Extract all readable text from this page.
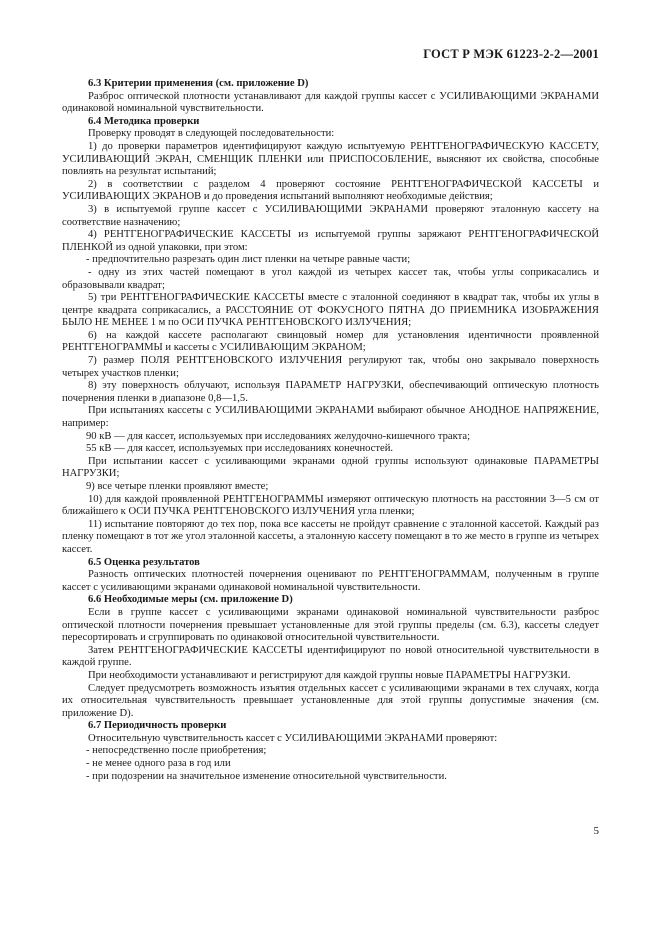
ГОСТ Р МЭК 61223-2-2—2001

6.3 Критерии применения (см. приложение D)

Разброс оптической плотности устанавливают для каждой группы кассет с УСИЛИВАЮЩИМИ ЭКРАНАМИ одинаковой номинальной чувствительности.

6.4 Методика проверки

Проверку проводят в следующей последовательности:

1) до проверки параметров идентифицируют каждую испытуемую РЕНТГЕНОГРАФИЧЕСКУЮ КАССЕТУ, УСИЛИВАЮЩИЙ ЭКРАН, СМЕНЩИК ПЛЕНКИ или ПРИСПОСОБЛЕНИЕ, выясняют их свойства, способные повлиять на результат испытаний;

2) в соответствии с разделом 4 проверяют состояние РЕНТГЕНОГРАФИЧЕСКОЙ КАССЕТЫ и УСИЛИВАЮЩИХ ЭКРАНОВ и до проведения испытаний выполняют необходимые действия;

3) в испытуемой группе кассет с УСИЛИВАЮЩИМИ ЭКРАНАМИ проверяют эталонную кассету на соответствие назначению;

4) РЕНТГЕНОГРАФИЧЕСКИЕ КАССЕТЫ из испытуемой группы заряжают РЕНТГЕНОГРАФИЧЕСКОЙ ПЛЕНКОЙ из одной упаковки, при этом:

- предпочтительно разрезать один лист пленки на четыре равные части;

- одну из этих частей помещают в угол каждой из четырех кассет так, чтобы углы соприкасались и образовывали квадрат;

5) три РЕНТГЕНОГРАФИЧЕСКИЕ КАССЕТЫ вместе с эталонной соединяют в квадрат так, чтобы их углы в центре квадрата соприкасались, а РАССТОЯНИЕ ОТ ФОКУСНОГО ПЯТНА ДО ПРИЕМНИКА ИЗОБРАЖЕНИЯ БЫЛО НЕ МЕНЕЕ 1 м по ОСИ ПУЧКА РЕНТГЕНОВСКОГО ИЗЛУЧЕНИЯ;

6) на каждой кассете располагают свинцовый номер для установления идентичности проявленной РЕНТГЕНОГРАММЫ и кассеты с УСИЛИВАЮЩИМ ЭКРАНОМ;

7) размер ПОЛЯ РЕНТГЕНОВСКОГО ИЗЛУЧЕНИЯ регулируют так, чтобы оно закрывало поверхность четырех участков пленки;

8) эту поверхность облучают, используя ПАРАМЕТР НАГРУЗКИ, обеспечивающий оптическую плотность почернения пленки в диапазоне 0,8—1,5.

При испытаниях кассеты с УСИЛИВАЮЩИМИ ЭКРАНАМИ выбирают обычное АНОДНОЕ НАПРЯЖЕНИЕ, например:

90 кВ — для кассет, используемых при исследованиях желудочно-кишечного тракта;

55 кВ — для кассет, используемых при исследованиях конечностей.

При испытании кассет с усиливающими экранами одной группы используют одинаковые ПАРАМЕТРЫ НАГРУЗКИ;

9) все четыре пленки проявляют вместе;

10) для каждой проявленной РЕНТГЕНОГРАММЫ измеряют оптическую плотность на расстоянии 3—5 см от ближайшего к ОСИ ПУЧКА РЕНТГЕНОВСКОГО ИЗЛУЧЕНИЯ угла пленки;

11) испытание повторяют до тех пор, пока все кассеты не пройдут сравнение с эталонной кассетой. Каждый раз пленку помещают в тот же угол эталонной кассеты, а эталонную кассету помещают в то же место в группе из четырех кассет.

6.5 Оценка результатов

Разность оптических плотностей почернения оценивают по РЕНТГЕНОГРАММАМ, полученным в группе кассет с усиливающими экранами одинаковой номинальной чувствительности.

6.6 Необходимые меры (см. приложение D)

Если в группе кассет с усиливающими экранами одинаковой номинальной чувствительности разброс оптической плотности почернения превышает установленные для этой группы пределы (см. 6.3), кассеты следует пересортировать и сгруппировать по одинаковой относительной чувствительности.

Затем РЕНТГЕНОГРАФИЧЕСКИЕ КАССЕТЫ идентифицируют по новой относительной чувствительности в каждой группе.

При необходимости устанавливают и регистрируют для каждой группы новые ПАРАМЕТРЫ НАГРУЗКИ.

Следует предусмотреть возможность изъятия отдельных кассет с усиливающими экранами в тех случаях, когда их относительная чувствительность превышает установленные для этой группы допустимые значения (см. приложение D).

6.7 Периодичность проверки

Относительную чувствительность кассет с УСИЛИВАЮЩИМИ ЭКРАНАМИ проверяют:

- непосредственно после приобретения;

- не менее одного раза в год или

- при подозрении на значительное изменение относительной чувствительности.

5
